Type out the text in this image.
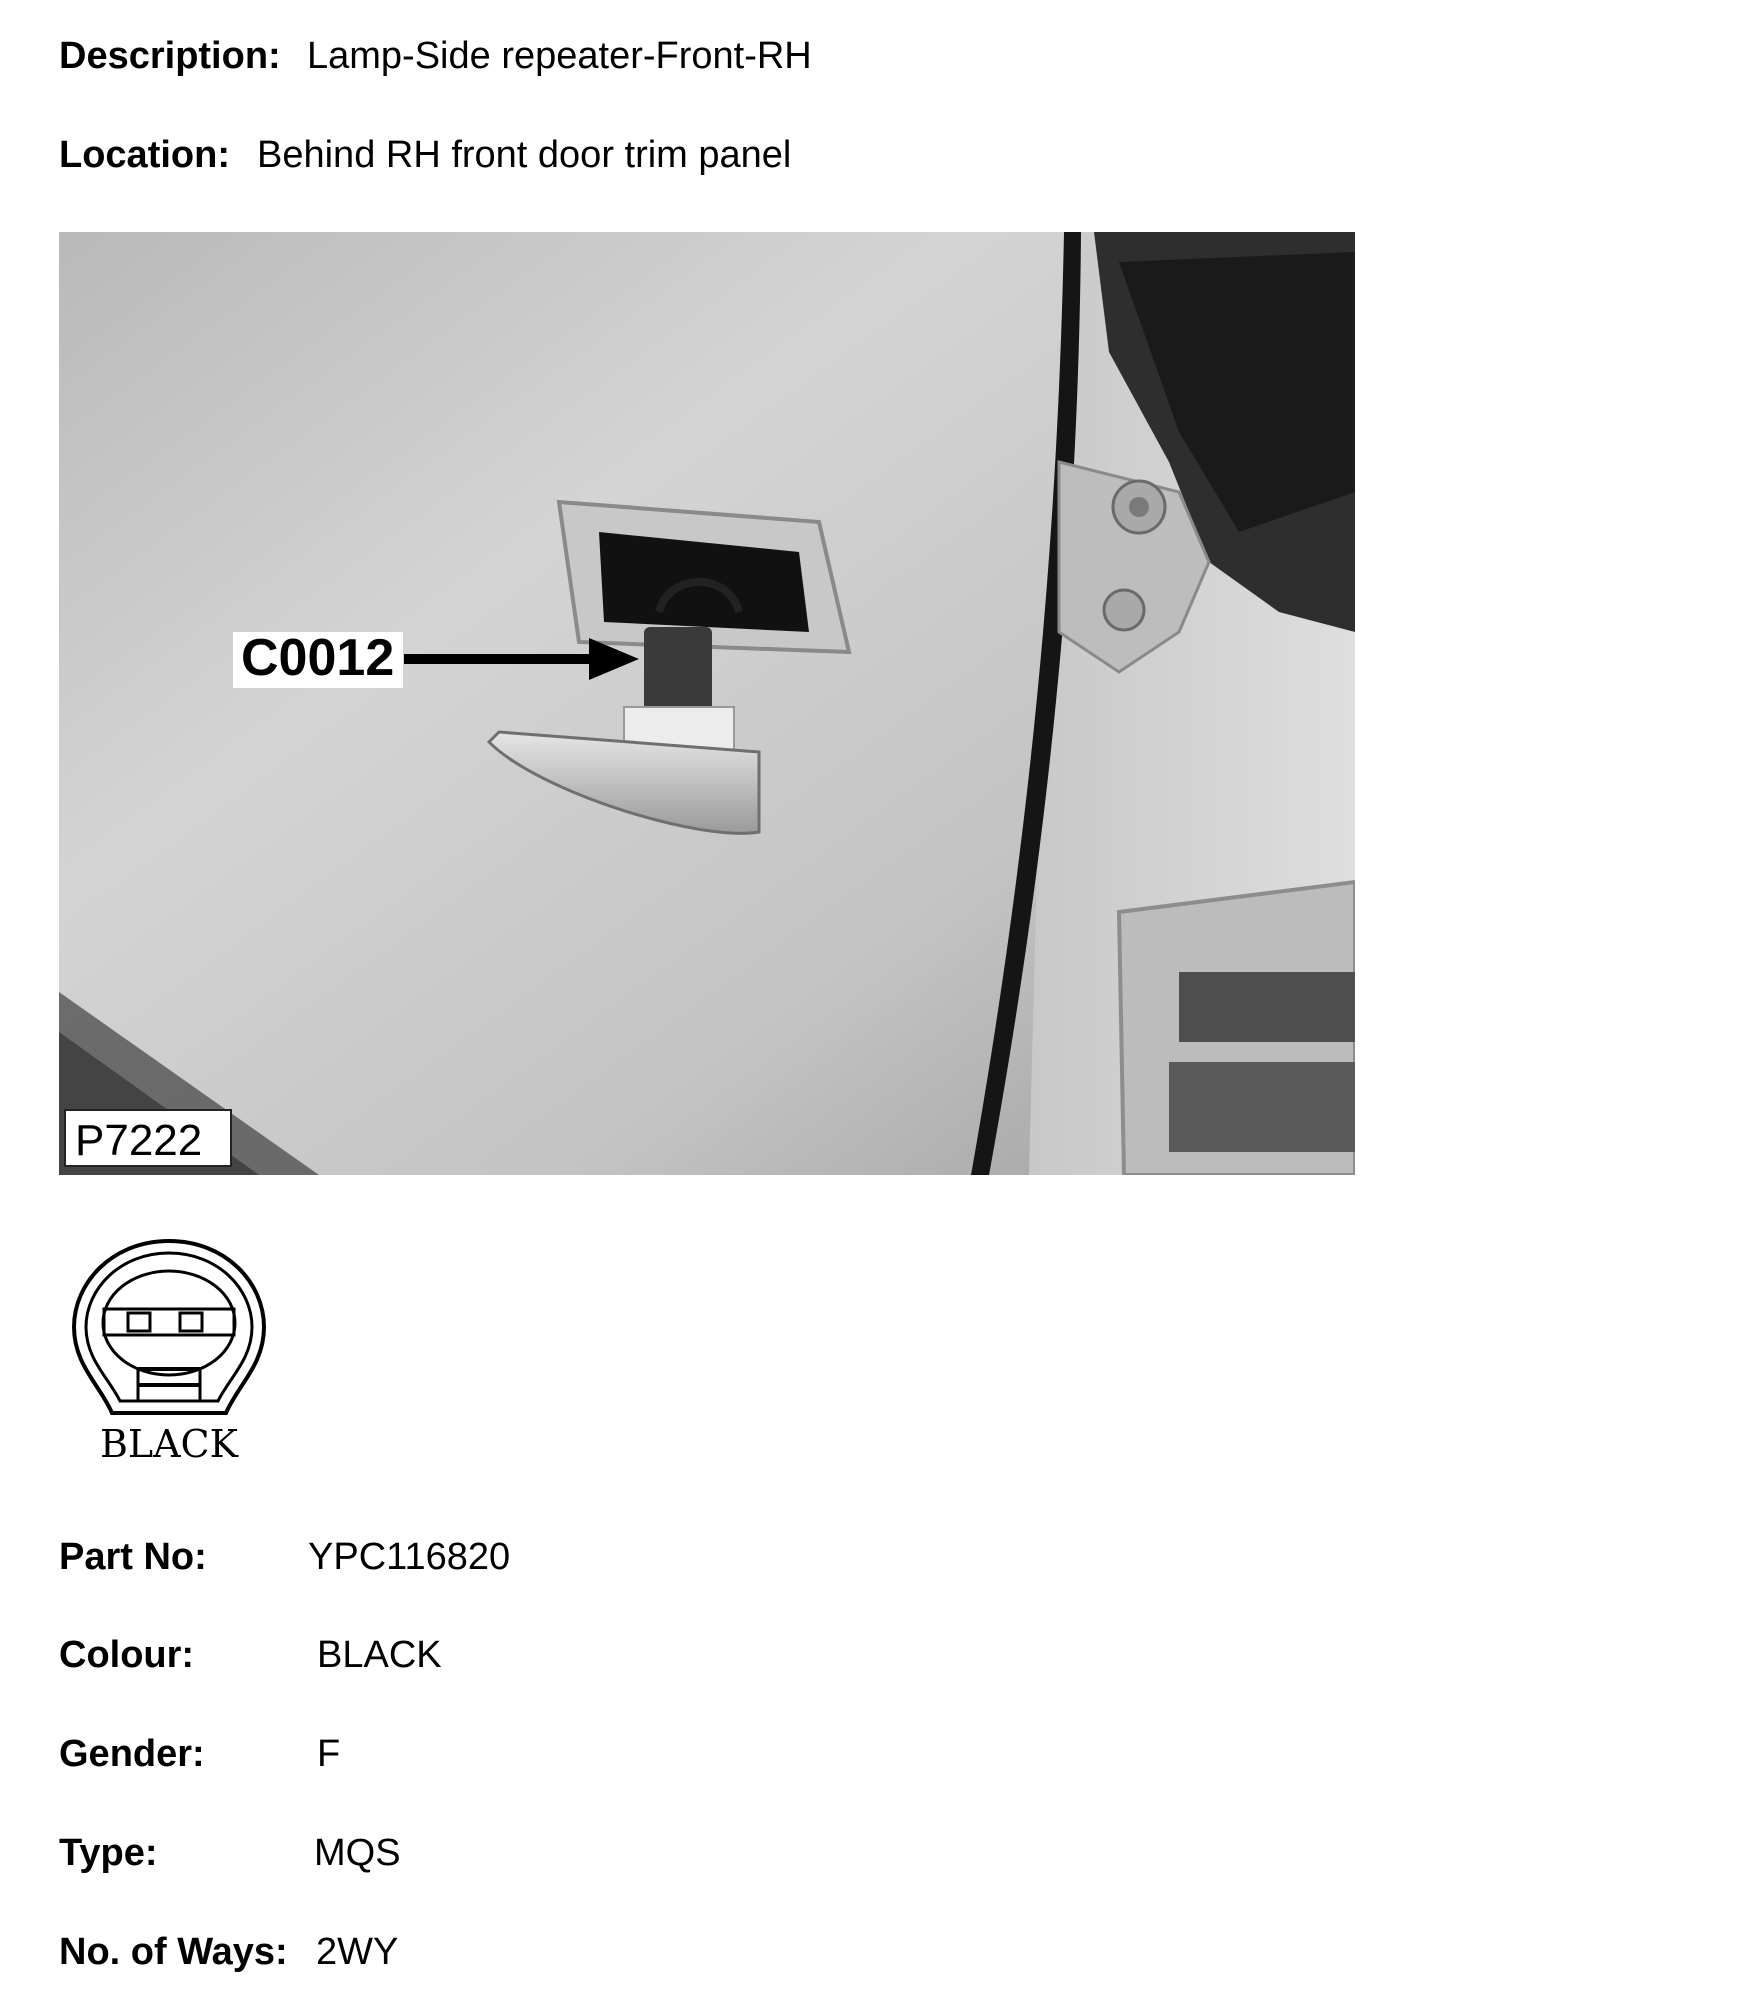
Description: Lamp-Side repeater-Front-RH
Location: Behind RH front door trim panel
C0012
P7222
BLACK
Part No:	YPC116820
Colour:	BLACK
Gender:	F
Type:	MQS
No. of Ways: 2WY
